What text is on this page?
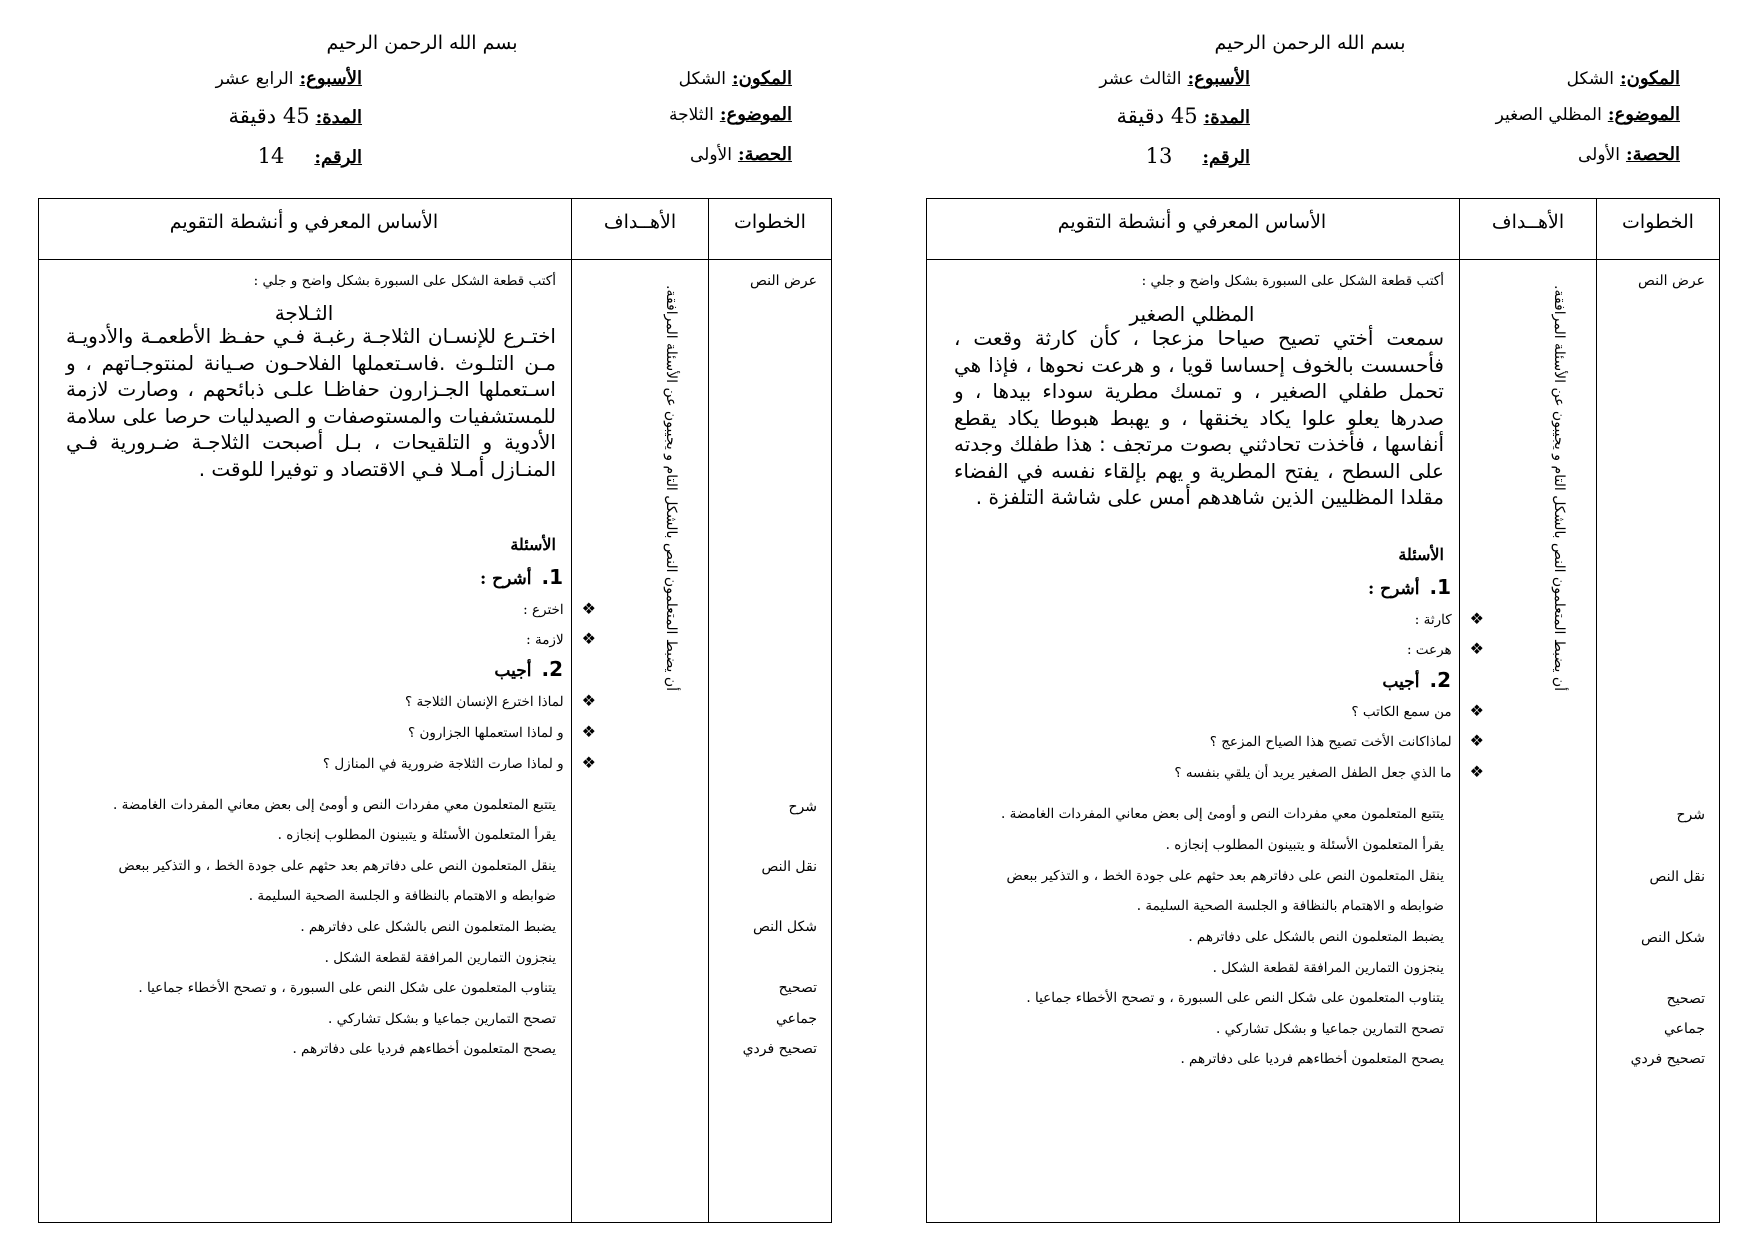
بسم الله الرحمن الرحيم
المكون:الشكل
الأسبوع:الثالث عشر
الموضوع:المظلي الصغير
المدة:45 دقيقة
الحصة:الأولى
الرقم:13
الخطوات
الأهــداف
الأساس المعرفي و أنشطة التقويم
أن يضبط المتعلمون النص بالشكل التام و يجيبون عن الأسئلة المرافقة.
عرض النص
شرح
نقل النص
شكل النص
تصحيح
جماعي
تصحيح فردي
أكتب قطعة الشكل على السبورة بشكل واضح و جلي :
المظلي الصغير
سمعت أختي تصيح صياحا مزعجا ، كأن كارثة وقعت ، فأحسست بالخوف إحساسا قويا ، و هرعت نحوها ، فإذا هي تحمل طفلي الصغير ، و تمسك مطرية سوداء بيدها ، و صدرها يعلو علوا يكاد يخنقها ، و يهبط هبوطا يكاد يقطع أنفاسها ، فأخذت تحادثني بصوت مرتجف : هذا طفلك وجدته على السطح ، يفتح المطرية و يهم بإلقاء نفسه في الفضاء مقلدا المظليين الذين شاهدهم أمس على شاشة التلفزة .
الأسئلة
1.أشرح :
❖كارثة :
❖هرعت :
2.أجيب
❖من سمع الكاتب ؟
❖لماذاكانت الأخت تصيح هذا الصياح المزعج ؟
❖ما الذي جعل الطفل الصغير يريد أن يلقي بنفسه ؟
يتتبع المتعلمون معي مفردات النص و أومئ إلى بعض معاني المفردات الغامضة .
يقرأ المتعلمون الأسئلة و يتبينون المطلوب إنجازه .
ينقل المتعلمون النص على دفاترهم بعد حثهم على جودة الخط ، و التذكير ببعض
ضوابطه و الاهتمام بالنظافة و الجلسة الصحية السليمة .
يضبط المتعلمون النص بالشكل على دفاترهم .
ينجزون التمارين المرافقة لقطعة الشكل .
يتناوب المتعلمون على شكل النص على السبورة ، و تصحح الأخطاء جماعيا .
تصحح التمارين جماعيا و بشكل تشاركي .
يصحح المتعلمون أخطاءهم فرديا على دفاترهم .
بسم الله الرحمن الرحيم
المكون:الشكل
الأسبوع:الرابع عشر
الموضوع:الثلاجة
المدة:45 دقيقة
الحصة:الأولى
الرقم:14
الخطوات
الأهــداف
الأساس المعرفي و أنشطة التقويم
أن يضبط المتعلمون النص بالشكل التام و يجيبون عن الأسئلة المرافقة.
عرض النص
شرح
نقل النص
شكل النص
تصحيح
جماعي
تصحيح فردي
أكتب قطعة الشكل على السبورة بشكل واضح و جلي :
الثـلاجة
اختـرع للإنسـان الثلاجـة رغبـة فـي حفـظ الأطعمـة والأدويـة مـن التلـوث .فاسـتعملها الفلاحـون صـيانة لمنتوجـاتهم ، و اسـتعملها الجـزارون حفاظـا علـى ذبائحهم ، وصارت لازمة للمستشفيات والمستوصفات و الصيدليات حرصا على سلامة الأدوية و التلقيحات ، بـل أصبحت الثلاجـة ضـرورية فـي المنـازل أمـلا فـي الاقتصاد و توفيرا للوقت .
الأسئلة
1.أشرح :
❖اخترع :
❖لازمة :
2.أجيب
❖لماذا اخترع الإنسان الثلاجة ؟
❖و لماذا استعملها الجزارون ؟
❖و لماذا صارت الثلاجة ضرورية في المنازل ؟
يتتبع المتعلمون معي مفردات النص و أومئ إلى بعض معاني المفردات الغامضة .
يقرأ المتعلمون الأسئلة و يتبينون المطلوب إنجازه .
ينقل المتعلمون النص على دفاترهم بعد حثهم على جودة الخط ، و التذكير ببعض
ضوابطه و الاهتمام بالنظافة و الجلسة الصحية السليمة .
يضبط المتعلمون النص بالشكل على دفاترهم .
ينجزون التمارين المرافقة لقطعة الشكل .
يتناوب المتعلمون على شكل النص على السبورة ، و تصحح الأخطاء جماعيا .
تصحح التمارين جماعيا و بشكل تشاركي .
يصحح المتعلمون أخطاءهم فرديا على دفاترهم .
